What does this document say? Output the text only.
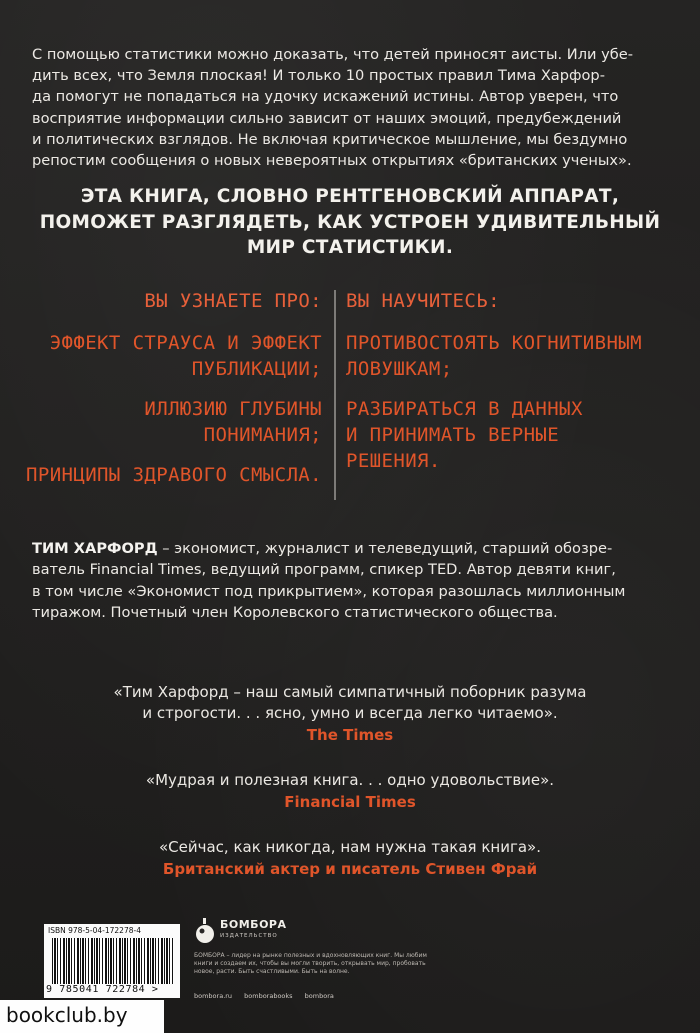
С помощью статистики можно доказать, что детей приносят аисты. Или убе-
дить всех, что Земля плоская! И только 10 простых правил Тима Харфор-
да помогут не попадаться на удочку искажений истины. Автор уверен, что
восприятие информации сильно зависит от наших эмоций, предубеждений
и политических взглядов. Не включая критическое мышление, мы бездумно
репостим сообщения о новых невероятных открытиях «британских ученых».
ЭТА КНИГА, СЛОВНО РЕНТГЕНОВСКИЙ АППАРАТ,
ПОМОЖЕТ РАЗГЛЯДЕТЬ, КАК УСТРОЕН УДИВИТЕЛЬНЫЙ
МИР СТАТИСТИКИ.
ВЫ УЗНАЕТЕ ПРО:
ЭФФЕКТ СТРАУСА И ЭФФЕКТ
ПУБЛИКАЦИИ;
ИЛЛЮЗИЮ ГЛУБИНЫ
ПОНИМАНИЯ;
ПРИНЦИПЫ ЗДРАВОГО СМЫСЛА.
ВЫ НАУЧИТЕСЬ:
ПРОТИВОСТОЯТЬ КОГНИТИВНЫМ
ЛОВУШКАМ;
РАЗБИРАТЬСЯ В ДАННЫХ
И ПРИНИМАТЬ ВЕРНЫЕ
РЕШЕНИЯ.
ТИМ ХАРФОРД – экономист, журналист и телеведущий, старший обозре-
ватель Financial Times, ведущий программ, спикер TED. Автор девяти книг,
в том числе «Экономист под прикрытием», которая разошлась миллионным
тиражом. Почетный член Королевского статистического общества.
«Тим Харфорд – наш самый симпатичный поборник разума
и строгости. . . ясно, умно и всегда легко читаемо».
The Times
«Мудрая и полезная книга. . . одно удовольствие».
Financial Times
«Сейчас, как никогда, нам нужна такая книга».
Британский актер и писатель Стивен Фрай
ISBN 978-5-04-172278-4
9 785041 722784 >
БОМБОРА
ИЗДАТЕЛЬСТВО
БОМБОРА – лидер на рынке полезных и вдохновляющих книг. Мы любим книги и создаем их, чтобы вы могли творить, открывать мир, пробовать новое, расти. Быть счастливыми. Быть на волне.
bombora.ru bomborabooks bombora
bookclub.by
